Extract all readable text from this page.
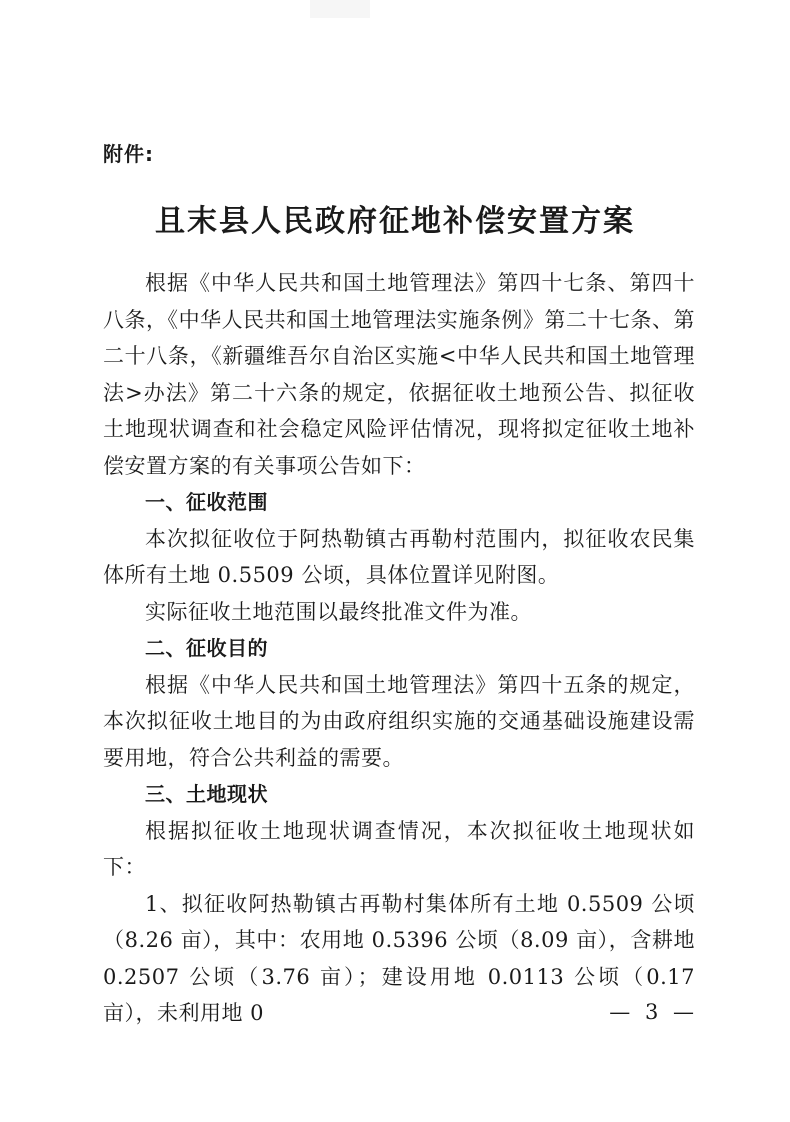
附件:
且末县人民政府征地补偿安置方案

根据《中华人民共和国土地管理法》第四十七条、第四十八条，《中华人民共和国土地管理法实施条例》第二十七条、第二十八条，《新疆维吾尔自治区实施<中华人民共和国土地管理法>办法》第二十六条的规定，依据征收土地预公告、拟征收土地现状调查和社会稳定风险评估情况，现将拟定征收土地补偿安置方案的有关事项公告如下：

一、征收范围

本次拟征收位于阿热勒镇古再勒村范围内，拟征收农民集体所有土地 0.5509 公顷，具体位置详见附图。

实际征收土地范围以最终批准文件为准。

二、征收目的

根据《中华人民共和国土地管理法》第四十五条的规定，本次拟征收土地目的为由政府组织实施的交通基础设施建设需要用地，符合公共利益的需要。

三、土地现状

根据拟征收土地现状调查情况，本次拟征收土地现状如下：

1、拟征收阿热勒镇古再勒村集体所有土地 0.5509 公顷（8.26 亩），其中：农用地 0.5396 公顷（8.09 亩），含耕地 0.2507 公顷（3.76 亩）；建设用地 0.0113 公顷（0.17 亩），未利用地 0	— 3 —
